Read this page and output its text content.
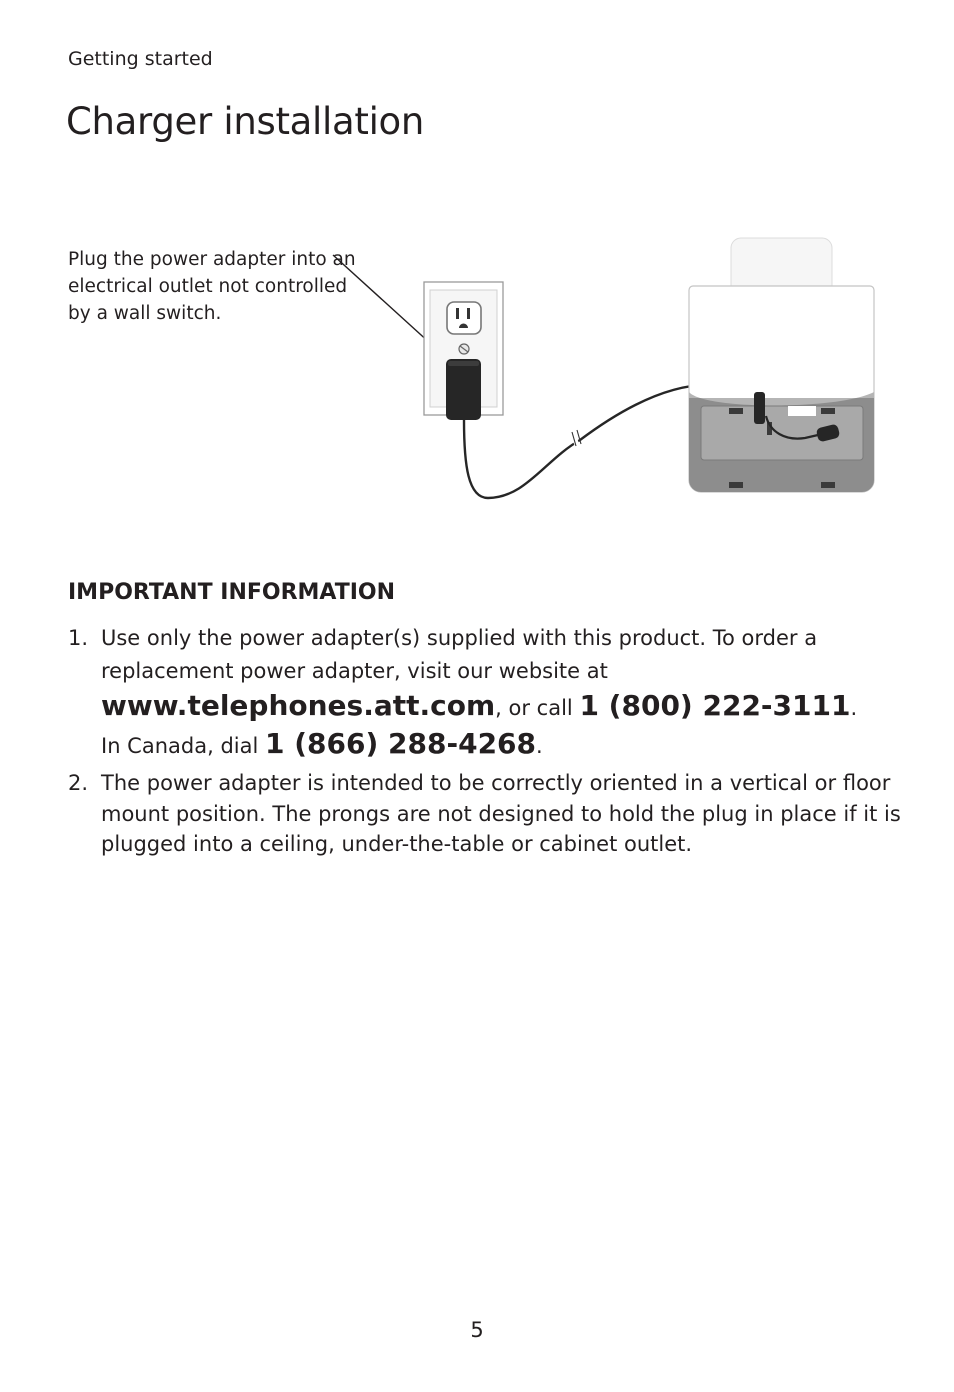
Getting started
Charger installation
Plug the power adapter into an electrical outlet not controlled by a wall switch.
IMPORTANT INFORMATION
1. Use only the power adapter(s) supplied with this product. To order a replacement power adapter, visit our website at
www.telephones.att.com, or call 1 (800) 222-3111.
In Canada, dial 1 (866) 288-4268.
2. The power adapter is intended to be correctly oriented in a vertical or floor mount position. The prongs are not designed to hold the plug in place if it is plugged into a ceiling, under-the-table or cabinet outlet.
5
